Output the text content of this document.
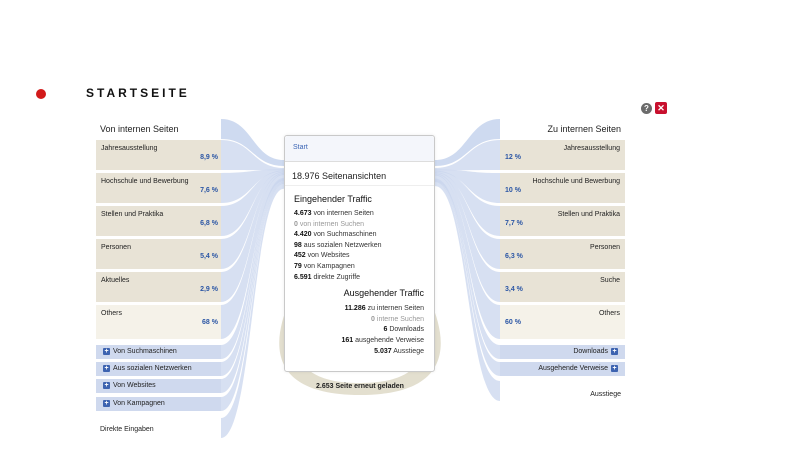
STARTSEITE
? ✕
Von internen Seiten	Zu internen Seiten
Jahresausstellung
8,9 %
Hochschule und Bewerbung
7,6 %
Stellen und Praktika
6,8 %
Personen
5,4 %
Aktuelles
2,9 %
Others
68 %
+ Von Suchmaschinen
+ Aus sozialen Netzwerken
+ Von Websites
+ Von Kampagnen
Direkte Eingaben
Jahresausstellung
12 %
Hochschule und Bewerbung
10 %
Stellen und Praktika
7,7 %
Personen
6,3 %
Suche
3,4 %
Others
60 %
Downloads +
Ausgehende Verweise +
Ausstiege
Start
18.976 Seitenansichten
Eingehender Traffic
4.673 von internen Seiten
0 von internen Suchen
4.420 von Suchmaschinen
98 aus sozialen Netzwerken
452 von Websites
79 von Kampagnen
6.591 direkte Zugriffe
Ausgehender Traffic
11.286 zu internen Seiten
0 interne Suchen
6 Downloads
161 ausgehende Verweise
5.037 Ausstiege
2.653 Seite erneut geladen
